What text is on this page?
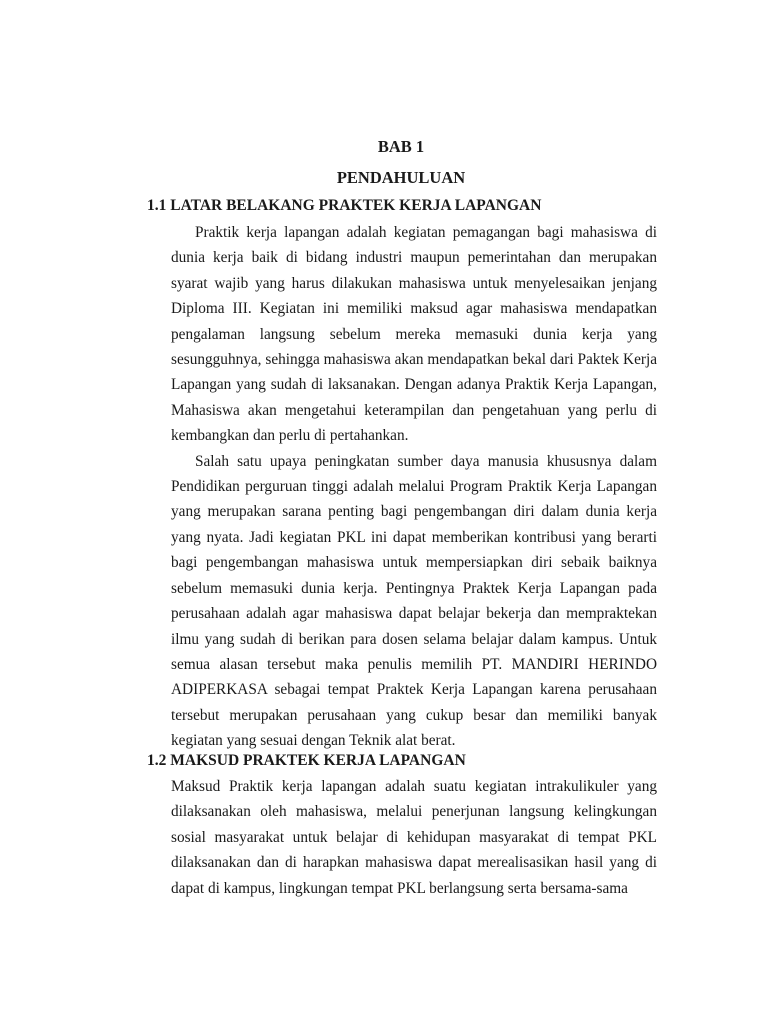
BAB 1
PENDAHULUAN
1.1 LATAR BELAKANG PRAKTEK KERJA LAPANGAN

Praktik kerja lapangan adalah kegiatan pemagangan bagi mahasiswa di dunia kerja baik di bidang industri maupun pemerintahan dan merupakan syarat wajib yang harus dilakukan mahasiswa untuk menyelesaikan jenjang Diploma III. Kegiatan ini memiliki maksud agar mahasiswa mendapatkan pengalaman langsung sebelum mereka memasuki dunia kerja yang sesungguhnya, sehingga mahasiswa akan mendapatkan bekal dari Paktek Kerja Lapangan yang sudah di laksanakan. Dengan adanya Praktik Kerja Lapangan, Mahasiswa akan mengetahui keterampilan dan pengetahuan yang perlu di kembangkan dan perlu di pertahankan.

Salah satu upaya peningkatan sumber daya manusia khususnya dalam Pendidikan perguruan tinggi adalah melalui Program Praktik Kerja Lapangan yang merupakan sarana penting bagi pengembangan diri dalam dunia kerja yang nyata. Jadi kegiatan PKL ini dapat memberikan kontribusi yang berarti bagi pengembangan mahasiswa untuk mempersiapkan diri sebaik baiknya sebelum memasuki dunia kerja. Pentingnya Praktek Kerja Lapangan pada perusahaan adalah agar mahasiswa dapat belajar bekerja dan mempraktekan ilmu yang sudah di berikan para dosen selama belajar dalam kampus. Untuk semua alasan tersebut maka penulis memilih PT. MANDIRI HERINDO ADIPERKASA sebagai tempat Praktek Kerja Lapangan karena perusahaan tersebut merupakan perusahaan yang cukup besar dan memiliki banyak kegiatan yang sesuai dengan Teknik alat berat.

1.2 MAKSUD PRAKTEK KERJA LAPANGAN

Maksud Praktik kerja lapangan adalah suatu kegiatan intrakulikuler yang dilaksanakan oleh mahasiswa, melalui penerjunan langsung kelingkungan sosial masyarakat untuk belajar di kehidupan masyarakat di tempat PKL dilaksanakan dan di harapkan mahasiswa dapat merealisasikan hasil yang di dapat di kampus, lingkungan tempat PKL berlangsung serta bersama-sama
